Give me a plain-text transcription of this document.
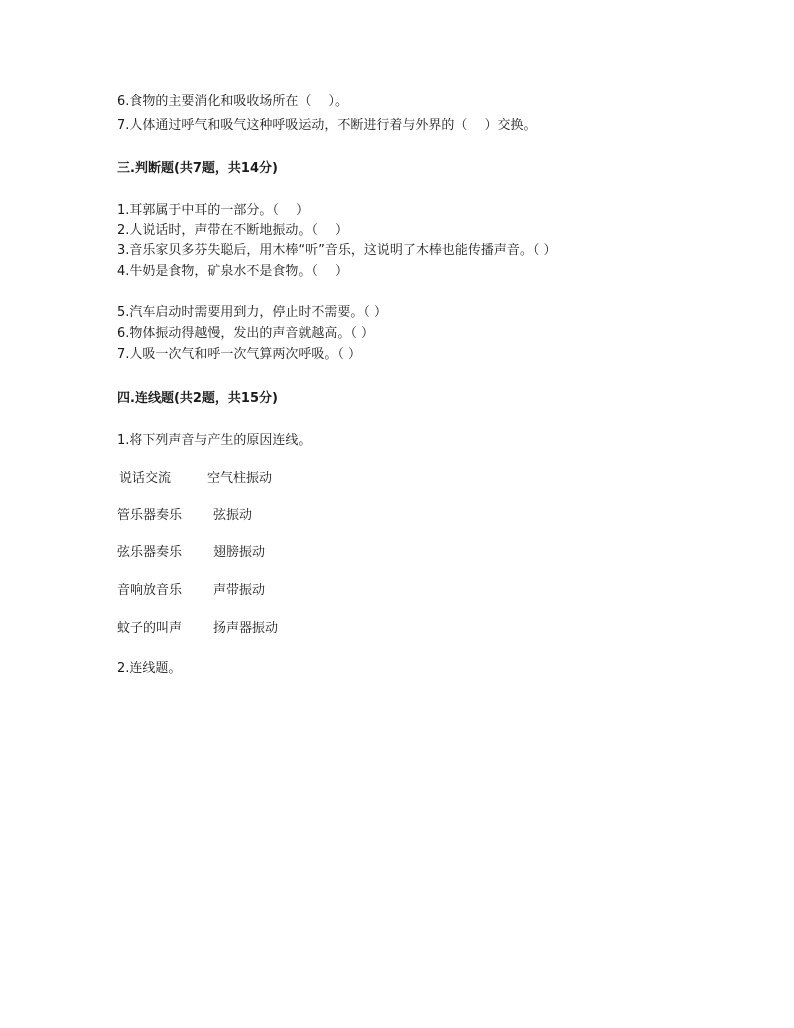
6.食物的主要消化和吸收场所在（　 ）。
7.人体通过呼气和吸气这种呼吸运动，不断进行着与外界的（　 ）交换。
三.判断题(共7题，共14分)
1.耳郭属于中耳的一部分。（　 ）
2.人说话时，声带在不断地振动。（　 ）
3.音乐家贝多芬失聪后，用木棒“听”音乐，这说明了木棒也能传播声音。（ ）
4.牛奶是食物，矿泉水不是食物。（　 ）
5.汽车启动时需要用到力，停止时不需要。（ ）
6.物体振动得越慢，发出的声音就越高。（ ）
7.人吸一次气和呼一次气算两次呼吸。（ ）
四.连线题(共2题，共15分)
1.将下列声音与产生的原因连线。
说话交流	空气柱振动
管乐器奏乐 弦振动
弦乐器奏乐 翅膀振动
音响放音乐 声带振动
蚊子的叫声 扬声器振动
2.连线题。
